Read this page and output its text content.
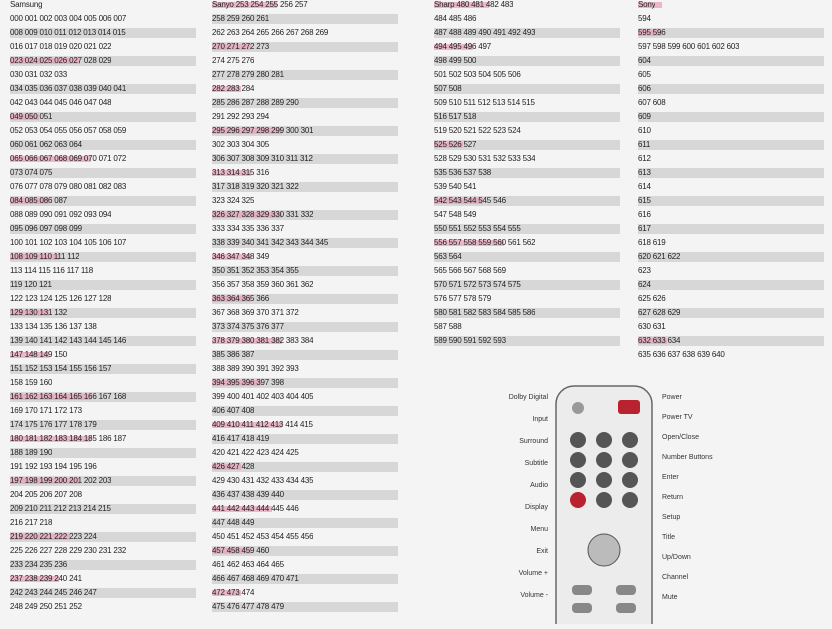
Samsung
000 001 002 003 004 005 006 007
008 009 010 011 012 013 014 015
016 017 018 019 020 021 022
023 024 025 026 027 028 029
030 031 032 033
034 035 036 037 038 039 040 041
042 043 044 045 046 047 048
049 050 051
052 053 054 055 056 057 058 059
060 061 062 063 064
065 066 067 068 069 070 071 072
073 074 075
076 077 078 079 080 081 082 083
084 085 086 087
088 089 090 091 092 093 094
095 096 097 098 099
100 101 102 103 104 105 106 107
108 109 110 111 112
113 114 115 116 117 118
119 120 121
122 123 124 125 126 127 128
129 130 131 132
133 134 135 136 137 138
139 140 141 142 143 144 145 146
147 148 149 150
151 152 153 154 155 156 157
158 159 160
161 162 163 164 165 166 167 168
169 170 171 172 173
174 175 176 177 178 179
180 181 182 183 184 185 186 187
188 189 190
191 192 193 194 195 196
197 198 199 200 201 202 203
204 205 206 207 208
209 210 211 212 213 214 215
216 217 218
219 220 221 222 223 224
225 226 227 228 229 230 231 232
233 234 235 236
237 238 239 240 241
242 243 244 245 246 247
248 249 250 251 252
Sanyo 253 254 255 256 257
258 259 260 261
262 263 264 265 266 267 268 269
270 271 272 273
274 275 276
277 278 279 280 281
282 283 284
285 286 287 288 289 290
291 292 293 294
295 296 297 298 299 300 301
302 303 304 305
306 307 308 309 310 311 312
313 314 315 316
317 318 319 320 321 322
323 324 325
326 327 328 329 330 331 332
333 334 335 336 337
338 339 340 341 342 343 344 345
346 347 348 349
350 351 352 353 354 355
356 357 358 359 360 361 362
363 364 365 366
367 368 369 370 371 372
373 374 375 376 377
378 379 380 381 382 383 384
385 386 387
388 389 390 391 392 393
394 395 396 397 398
399 400 401 402 403 404 405
406 407 408
409 410 411 412 413 414 415
416 417 418 419
420 421 422 423 424 425
426 427 428
429 430 431 432 433 434 435
436 437 438 439 440
441 442 443 444 445 446
447 448 449
450 451 452 453 454 455 456
457 458 459 460
461 462 463 464 465
466 467 468 469 470 471
472 473 474
475 476 477 478 479
Sharp 480 481 482 483
484 485 486
487 488 489 490 491 492 493
494 495 496 497
498 499 500
501 502 503 504 505 506
507 508
509 510 511 512 513 514 515
516 517 518
519 520 521 522 523 524
525 526 527
528 529 530 531 532 533 534
535 536 537 538
539 540 541
542 543 544 545 546
547 548 549
550 551 552 553 554 555
556 557 558 559 560 561 562
563 564
565 566 567 568 569
570 571 572 573 574 575
576 577 578 579
580 581 582 583 584 585 586
587 588
589 590 591 592 593
Sony
594
595 596
597 598 599 600 601 602 603
604
605
606
607 608
609
610
611
612
613
614
615
616
617
618 619
620 621 622
623
624
625 626
627 628 629
630 631
632 633 634
635 636 637 638 639 640
Dolby Digital
Input
Surround
Subtitle
Audio
Display
Menu
Exit
Volume +
Volume -
Power
Power TV
Open/Close
Number Buttons
Enter
Return
Setup
Title
Up/Down
Channel
Mute
